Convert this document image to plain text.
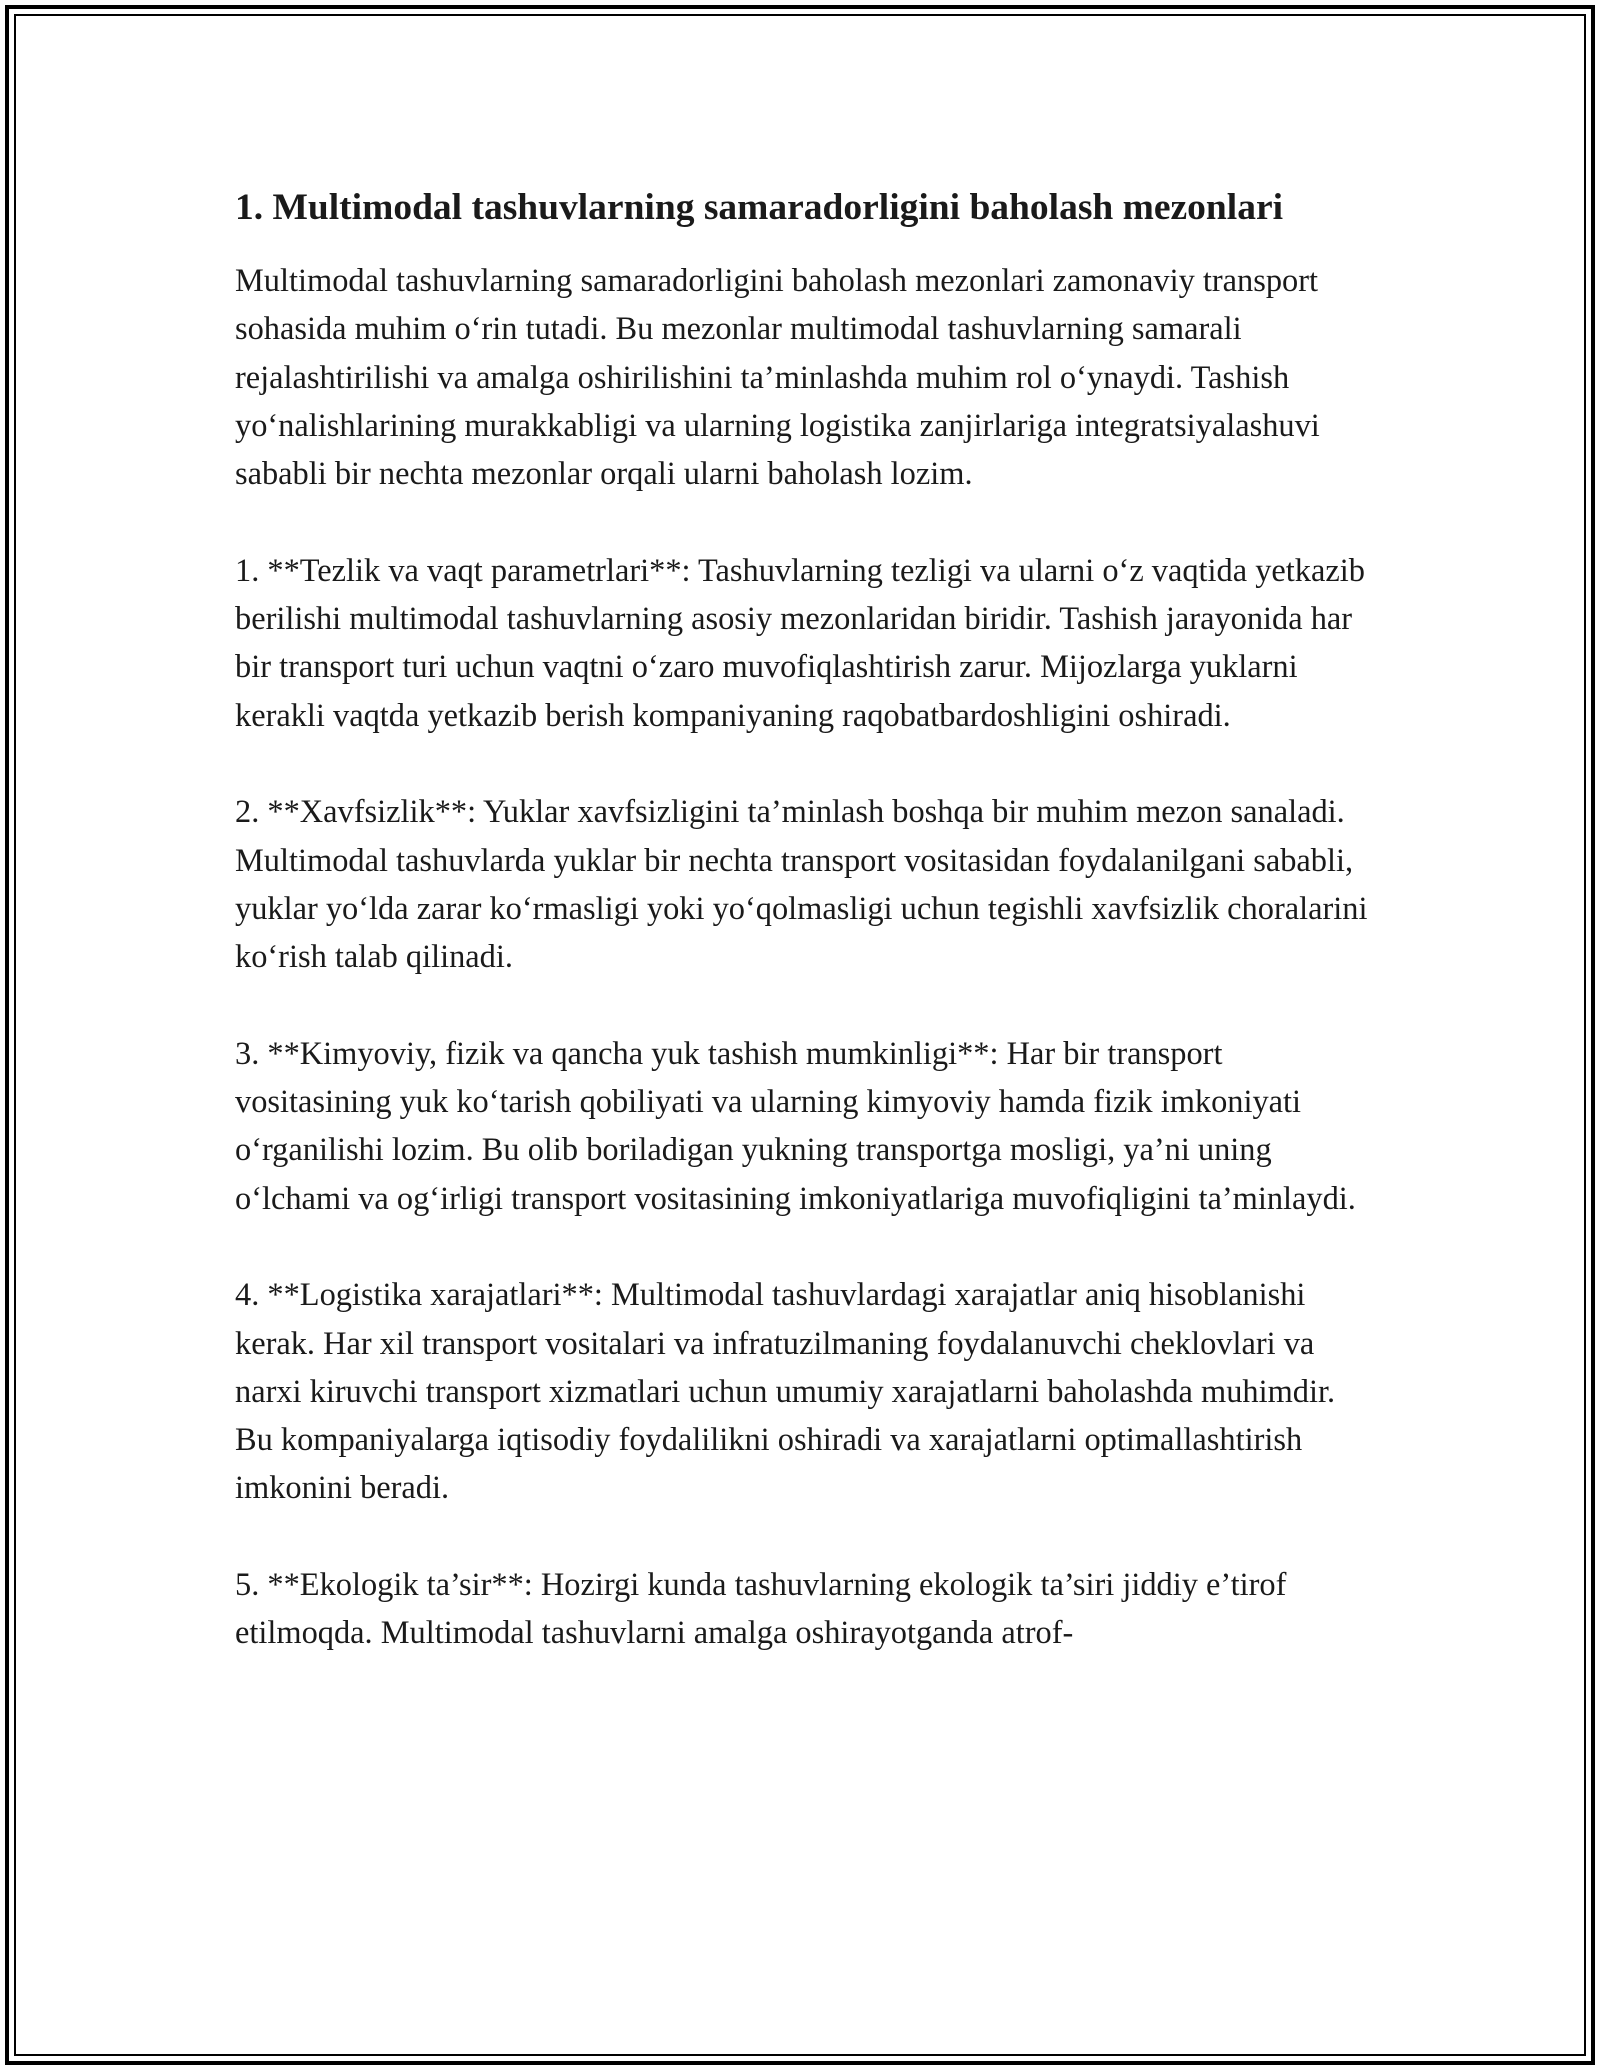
1. Multimodal tashuvlarning samaradorligini baholash mezonlari

Multimodal tashuvlarning samaradorligini baholash mezonlari zamonaviy transport sohasida muhim o‘rin tutadi. Bu mezonlar multimodal tashuvlarning samarali rejalashtirilishi va amalga oshirilishini ta’minlashda muhim rol o‘ynaydi. Tashish yo‘nalishlarining murakkabligi va ularning logistika zanjirlariga integratsiyalashuvi sababli bir nechta mezonlar orqali ularni baholash lozim.

1. **Tezlik va vaqt parametrlari**: Tashuvlarning tezligi va ularni o‘z vaqtida yetkazib berilishi multimodal tashuvlarning asosiy mezonlaridan biridir. Tashish jarayonida har bir transport turi uchun vaqtni o‘zaro muvofiqlashtirish zarur. Mijozlarga yuklarni kerakli vaqtda yetkazib berish kompaniyaning raqobatbardoshligini oshiradi.

2. **Xavfsizlik**: Yuklar xavfsizligini ta’minlash boshqa bir muhim mezon sanaladi. Multimodal tashuvlarda yuklar bir nechta transport vositasidan foydalanilgani sababli, yuklar yo‘lda zarar ko‘rmasligi yoki yo‘qolmasligi uchun tegishli xavfsizlik choralarini ko‘rish talab qilinadi.

3. **Kimyoviy, fizik va qancha yuk tashish mumkinligi**: Har bir transport vositasining yuk ko‘tarish qobiliyati va ularning kimyoviy hamda fizik imkoniyati o‘rganilishi lozim. Bu olib boriladigan yukning transportga mosligi, ya’ni uning o‘lchami va og‘irligi transport vositasining imkoniyatlariga muvofiqligini ta’minlaydi.

4. **Logistika xarajatlari**: Multimodal tashuvlardagi xarajatlar aniq hisoblanishi kerak. Har xil transport vositalari va infratuzilmaning foydalanuvchi cheklovlari va narxi kiruvchi transport xizmatlari uchun umumiy xarajatlarni baholashda muhimdir. Bu kompaniyalarga iqtisodiy foydalilikni oshiradi va xarajatlarni optimallashtirish imkonini beradi.

5. **Ekologik ta’sir**: Hozirgi kunda tashuvlarning ekologik ta’siri jiddiy e’tirof etilmoqda. Multimodal tashuvlarni amalga oshirayotganda atrof-
